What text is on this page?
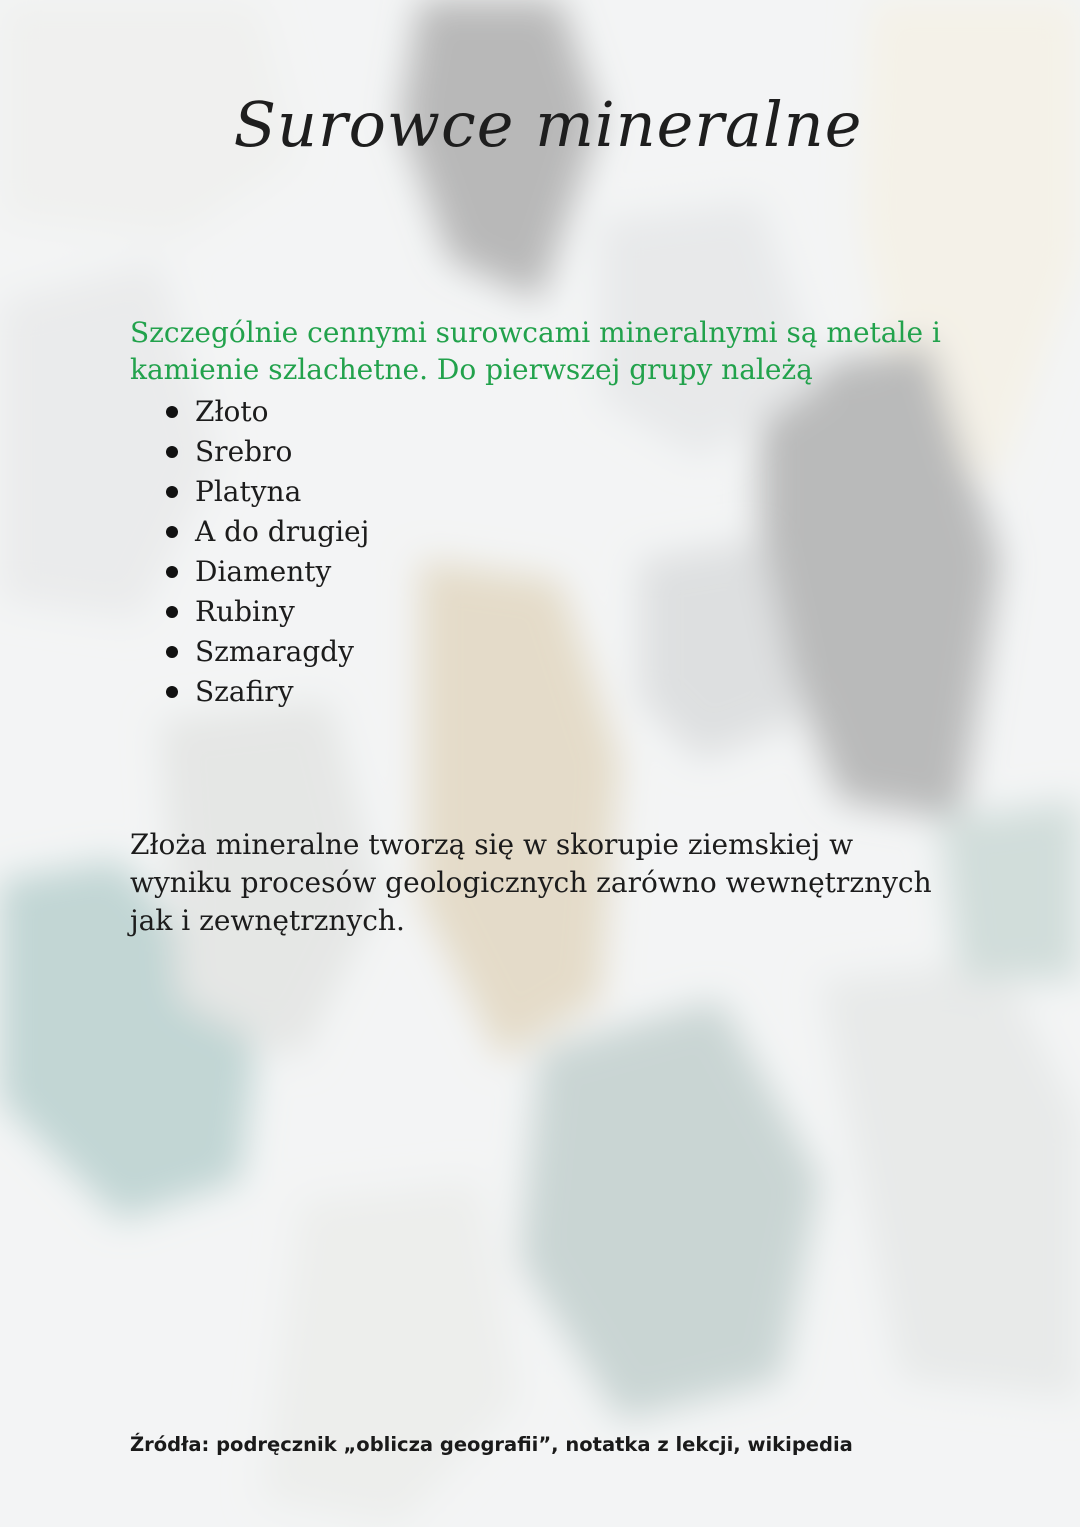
Surowce mineralne
Szczególnie cennymi surowcami mineralnymi są metale i kamienie szlachetne. Do pierwszej grupy należą
Złoto
Srebro
Platyna
A do drugiej
Diamenty
Rubiny
Szmaragdy
Szafiry
Złoża mineralne tworzą się w skorupie ziemskiej w wyniku procesów geologicznych zarówno wewnętrznych jak i zewnętrznych.
Źródła: podręcznik „oblicza geografii”, notatka z lekcji, wikipedia
